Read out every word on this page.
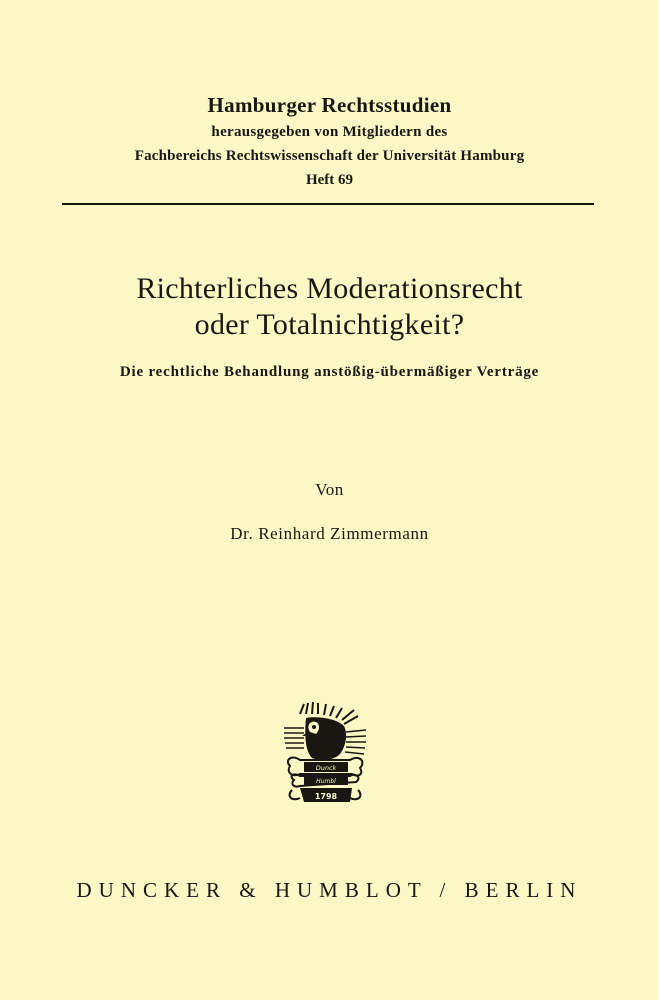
Hamburger Rechtsstudien
herausgegeben von Mitgliedern des
Fachbereichs Rechtswissenschaft der Universität Hamburg
Heft 69
Richterliches Moderationsrecht
oder Totalnichtigkeit?
Die rechtliche Behandlung anstößig-übermäßiger Verträge
Von
Dr. Reinhard Zimmermann
Dunck
Humbl
1798
DUNCKER & HUMBLOT / BERLIN
